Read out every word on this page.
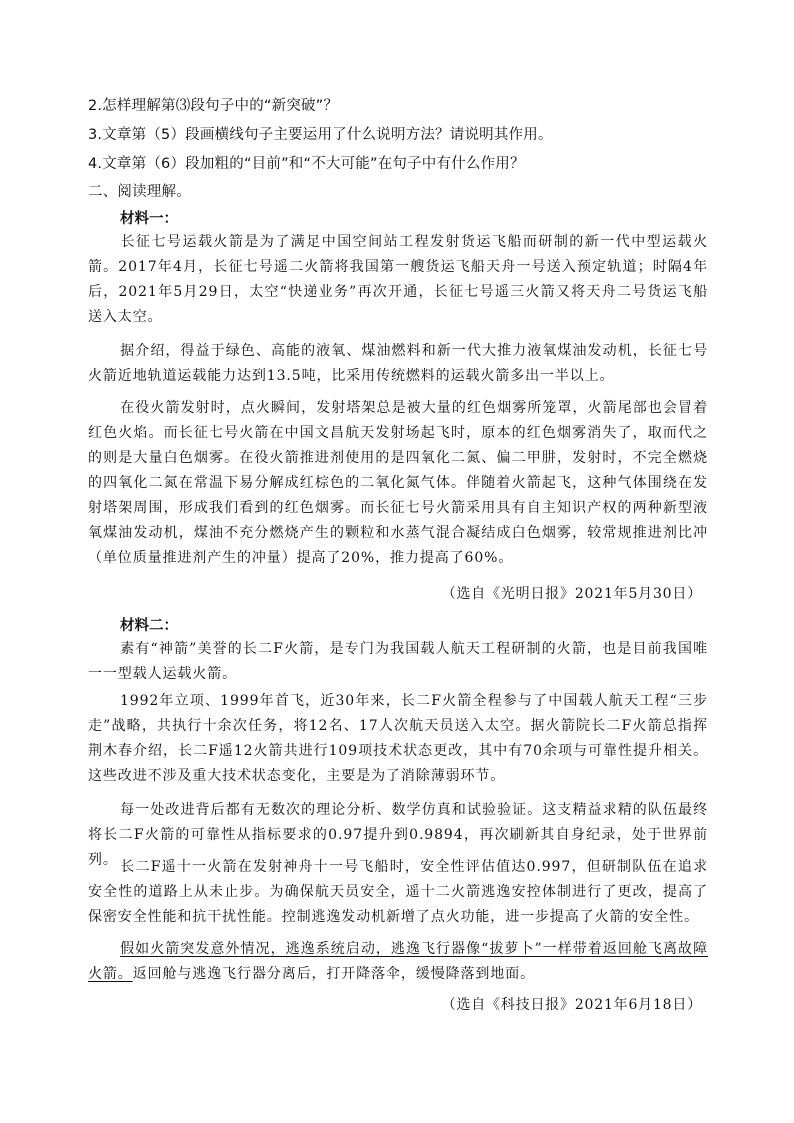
2.怎样理解第⑶段句子中的“新突破”？
3.文章第（5）段画横线句子主要运用了什么说明方法？请说明其作用。
4.文章第（6）段加粗的“目前”和“不大可能”在句子中有什么作用？
二、阅读理解。
材料一：
长征七号运载火箭是为了满足中国空间站工程发射货运飞船而研制的新一代中型运载火箭。2017年4月，长征七号遥二火箭将我国第一艘货运飞船天舟一号送入预定轨道；时隔4年后，2021年5月29日，太空“快递业务”再次开通，长征七号遥三火箭又将天舟二号货运飞船送入太空。
据介绍，得益于绿色、高能的液氧、煤油燃料和新一代大推力液氧煤油发动机，长征七号火箭近地轨道运载能力达到13.5吨，比采用传统燃料的运载火箭多出一半以上。
在役火箭发射时，点火瞬间，发射塔架总是被大量的红色烟雾所笼罩，火箭尾部也会冒着红色火焰。而长征七号火箭在中国文昌航天发射场起飞时，原本的红色烟雾消失了，取而代之的则是大量白色烟雾。在役火箭推进剂使用的是四氧化二氮、偏二甲肼，发射时，不完全燃烧的四氧化二氮在常温下易分解成红棕色的二氧化氮气体。伴随着火箭起飞，这种气体围绕在发射塔架周围，形成我们看到的红色烟雾。而长征七号火箭采用具有自主知识产权的两种新型液氧煤油发动机，煤油不充分燃烧产生的颗粒和水蒸气混合凝结成白色烟雾，较常规推进剂比冲（单位质量推进剂产生的冲量）提高了20%，推力提高了60%。
（选自《光明日报》2021年5月30日）
材料二：
素有“神箭”美誉的长二F火箭，是专门为我国载人航天工程研制的火箭，也是目前我国唯一一型载人运载火箭。
1992年立项、1999年首飞，近30年来，长二F火箭全程参与了中国载人航天工程“三步走”战略，共执行十余次任务，将12名、17人次航天员送入太空。据火箭院长二F火箭总指挥荆木春介绍，长二F遥12火箭共进行109项技术状态更改，其中有70余项与可靠性提升相关。这些改进不涉及重大技术状态变化，主要是为了消除薄弱环节。
每一处改进背后都有无数次的理论分析、数学仿真和试验验证。这支精益求精的队伍最终将长二F火箭的可靠性从指标要求的0.97提升到0.9894，再次刷新其自身纪录，处于世界前列。 长二F遥十一火箭在发射神舟十一号飞船时，安全性评估值达0.997，但研制队伍在追求安全性的道路上从未止步。为确保航天员安全，遥十二火箭逃逸安控体制进行了更改，提高了保密安全性能和抗干扰性能。控制逃逸发动机新增了点火功能，进一步提高了火箭的安全性。
假如火箭突发意外情况，逃逸系统启动，逃逸飞行器像“拔萝卜”一样带着返回舱飞离故障火箭。返回舱与逃逸飞行器分离后，打开降落伞，缓慢降落到地面。
（选自《科技日报》2021年6月18日）
